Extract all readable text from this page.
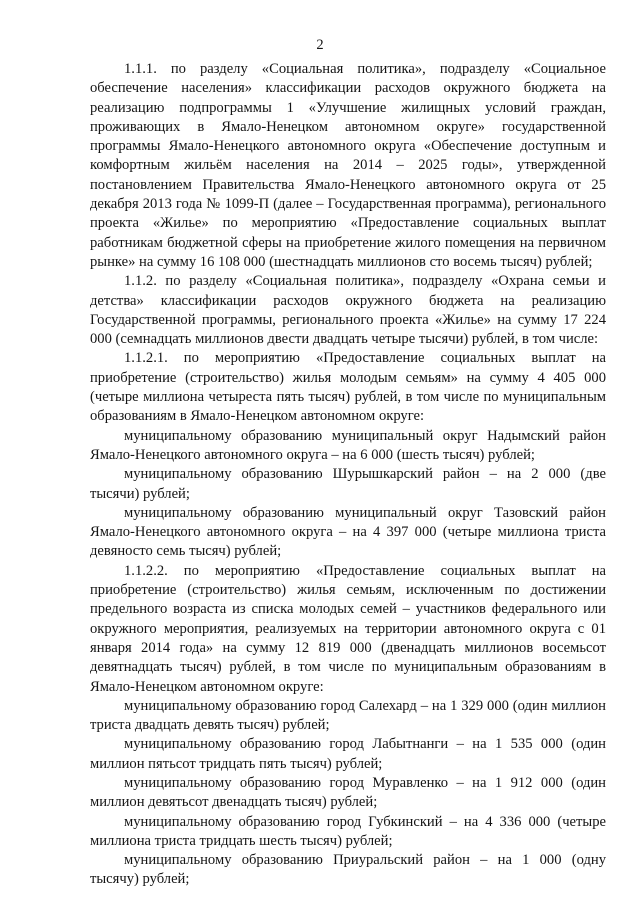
2

1.1.1. по разделу «Социальная политика», подразделу «Социальное обеспечение населения» классификации расходов окружного бюджета на реализацию подпрограммы 1 «Улучшение жилищных условий граждан, проживающих в Ямало-Ненецком автономном округе» государственной программы Ямало-Ненецкого автономного округа «Обеспечение доступным и комфортным жильём населения на 2014 – 2025 годы», утвержденной постановлением Правительства Ямало-Ненецкого автономного округа от 25 декабря 2013 года № 1099-П (далее – Государственная программа), регионального проекта «Жилье» по мероприятию «Предоставление социальных выплат работникам бюджетной сферы на приобретение жилого помещения на первичном рынке» на сумму 16 108 000 (шестнадцать миллионов сто восемь тысяч) рублей;

1.1.2. по разделу «Социальная политика», подразделу «Охрана семьи и детства» классификации расходов окружного бюджета на реализацию Государственной программы, регионального проекта «Жилье» на сумму 17 224 000 (семнадцать миллионов двести двадцать четыре тысячи) рублей, в том числе:

1.1.2.1. по мероприятию «Предоставление социальных выплат на приобретение (строительство) жилья молодым семьям» на сумму 4 405 000 (четыре миллиона четыреста пять тысяч) рублей, в том числе по муниципальным образованиям в Ямало-Ненецком автономном округе:

муниципальному образованию муниципальный округ Надымский район Ямало-Ненецкого автономного округа – на 6 000 (шесть тысяч) рублей;

муниципальному образованию Шурышкарский район – на 2 000 (две тысячи) рублей;

муниципальному образованию муниципальный округ Тазовский район Ямало-Ненецкого автономного округа – на 4 397 000 (четыре миллиона триста девяносто семь тысяч) рублей;

1.1.2.2. по мероприятию «Предоставление социальных выплат на приобретение (строительство) жилья семьям, исключенным по достижении предельного возраста из списка молодых семей – участников федерального или окружного мероприятия, реализуемых на территории автономного округа с 01 января 2014 года» на сумму 12 819 000 (двенадцать миллионов восемьсот девятнадцать тысяч) рублей, в том числе по муниципальным образованиям в Ямало-Ненецком автономном округе:

муниципальному образованию город Салехард – на 1 329 000 (один миллион триста двадцать девять тысяч) рублей;

муниципальному образованию город Лабытнанги – на 1 535 000 (один миллион пятьсот тридцать пять тысяч) рублей;

муниципальному образованию город Муравленко – на 1 912 000 (один миллион девятьсот двенадцать тысяч) рублей;

муниципальному образованию город Губкинский – на 4 336 000 (четыре миллиона триста тридцать шесть тысяч) рублей;

муниципальному образованию Приуральский район – на 1 000 (одну тысячу) рублей;
